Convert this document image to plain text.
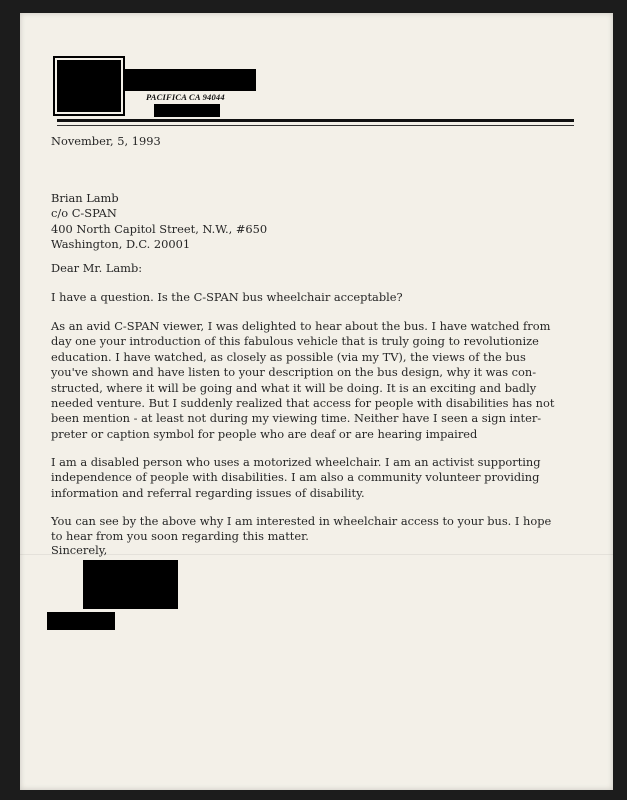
PACIFICA CA 94044
November, 5, 1993
Brian Lamb
c/o C-SPAN
400 North Capitol Street, N.W., #650
Washington, D.C. 20001
Dear Mr. Lamb:
I have a question. Is the C-SPAN bus wheelchair acceptable?
As an avid C-SPAN viewer, I was delighted to hear about the bus. I have watched from
day one your introduction of this fabulous vehicle that is truly going to revolutionize
education. I have watched, as closely as possible (via my TV), the views of the bus
you've shown and have listen to your description on the bus design, why it was con-
structed, where it will be going and what it will be doing. It is an exciting and badly
needed venture. But I suddenly realized that access for people with disabilities has not
been mention - at least not during my viewing time. Neither have I seen a sign inter-
preter or caption symbol for people who are deaf or are hearing impaired
I am a disabled person who uses a motorized wheelchair. I am an activist supporting
independence of people with disabilities. I am also a community volunteer providing
information and referral regarding issues of disability.
You can see by the above why I am interested in wheelchair access to your bus. I hope
to hear from you soon regarding this matter.
Sincerely,
